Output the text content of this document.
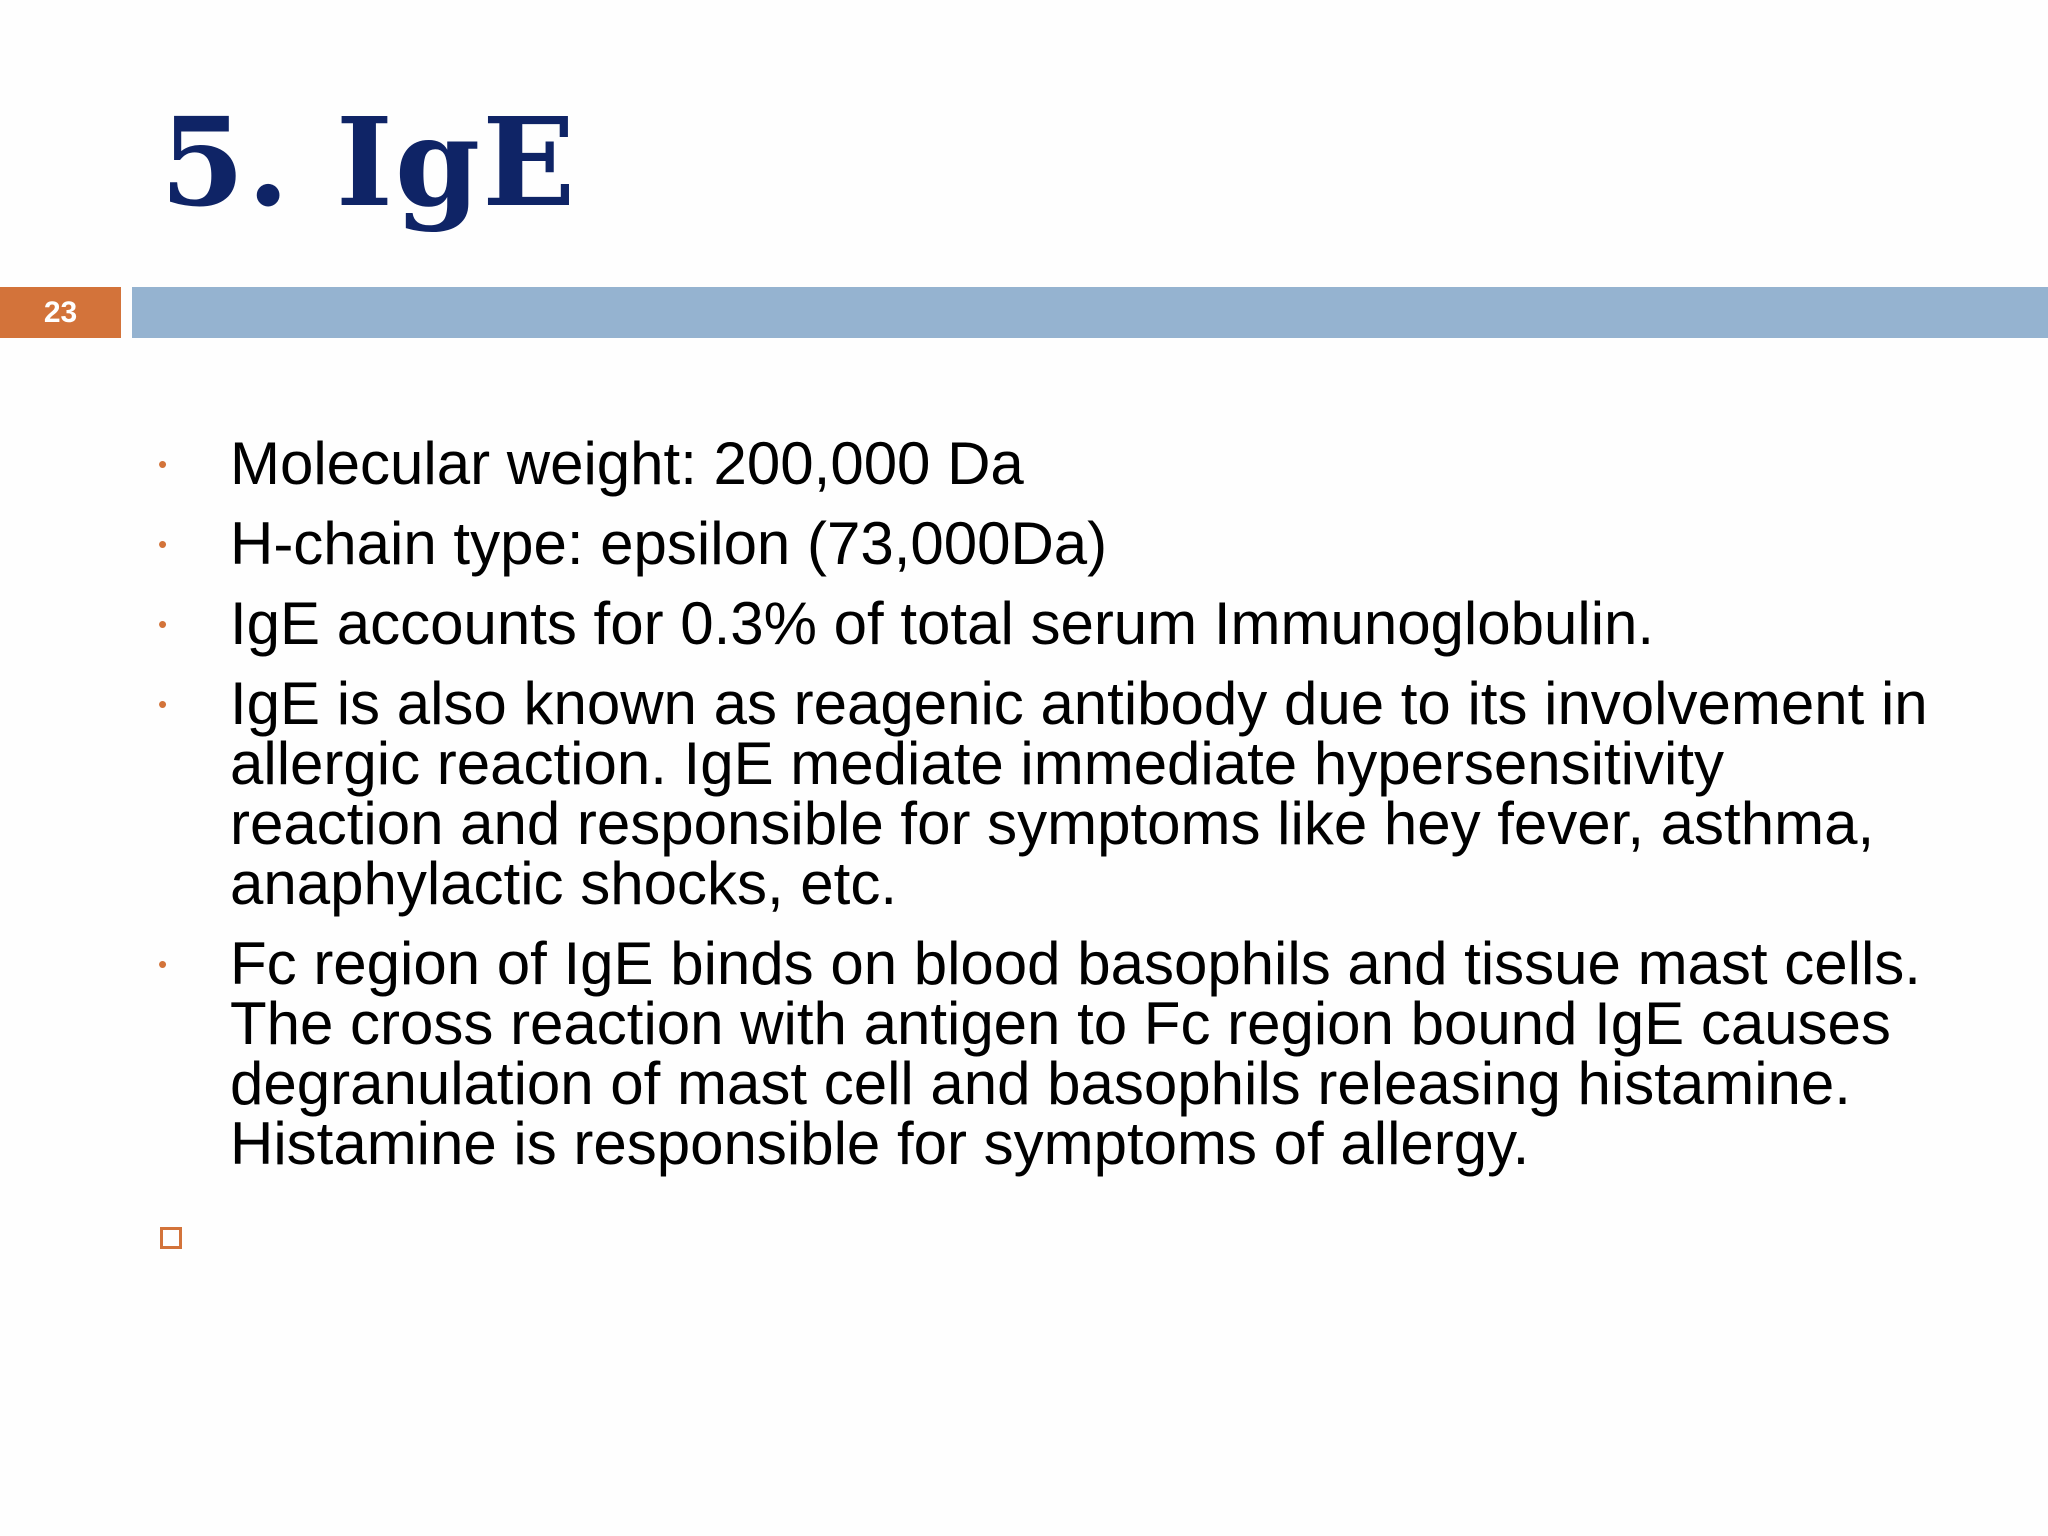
5. IgE
23
• Molecular weight: 200,000 Da
• H-chain type: epsilon (73,000Da)
• IgE accounts for 0.3% of total serum Immunoglobulin.
• IgE is also known as reagenic antibody due to its involvement in allergic reaction. IgE mediate immediate hypersensitivity reaction and responsible for symptoms like hey fever, asthma, anaphylactic shocks, etc.
• Fc region of IgE binds on blood basophils and tissue mast cells. The cross reaction with antigen to Fc region bound IgE causes degranulation of mast cell and basophils releasing histamine. Histamine is responsible for symptoms of allergy.
